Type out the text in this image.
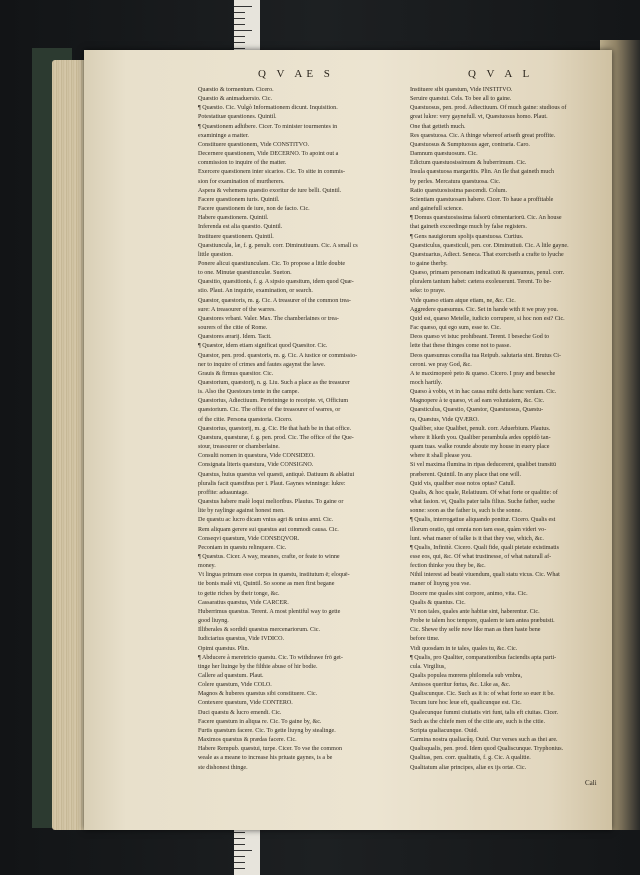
Q V AE S	Q V A L
Quæstio & tormentum. Cicero.
Quæstio & animaduersio. Cic.
¶ Quæstio. Cic. Vulgò Informationem dicunt. Inquisition.
Potestatiuæ quæstiones. Quintil.
¶ Quæstionem adhibere. Cicer. To minister tourmentes in
examininge a matter.
Constituere quæstionem, Vide CONSTITVO.
Decernere quæstionem, Vide DECERNO. To apoint out a
commission to inquire of the matter.
Exercere quæstionem inter sicarios. Cic. To sitte in commis-
sion for examination of murtherers.
Aspera & vehemens quæstio exoritur de iure belli. Quintil.
Facere quæstionem iuris. Quintil.
Facere quæstionem de iure, non de facto. Cic.
Habere quæstionem. Quintil.
Inferenda est alia quæstio. Quintil.
Instituere quæstionem. Quintil.
Quæstiuncula, læ, f. g. penult. corr. Diminutiuum. Cic. A small cs
little question.
Ponere alicui quæstiunculam. Cic. To propose a little doubte
to one. Minutæ quæstiunculæ. Sueton.
Quæsitio, quæsitionis, f. g. A sipsio quæsitum, idem quod Quæ-
stio. Plaut. An inquirie, examination, or search.
Quæstor, quæstoris, m. g. Cic. A treasurer of the common trea-
sure: A treasourer of the warres.
Quæstores vrbani. Valer. Max. The chamberlaines or trea-
sourers of the citie of Rome.
Quæstores ærarij. Idem. Tacit.
¶ Quæstor, idem etiam significat quod Quæsitor. Cic.
Quæstor, pen. prod. quæstoris, m. g. Cic. A iustice or commissio-
ner to inquire of crimes and fautes agaynst the lawe.
Grauis & firmus quæsitor. Cic.
Quæstorium, quæstorij, n. g. Liu. Such a place as the treasurer
is. Also the Questours tente in the campe.
Quæstorius, Adiectiuum. Perteininge to receipte. vt, Officium
quæstorium. Cic. The office of the treasourer of warres, or
of the citie. Persona quæstoria. Cicero.
Quæstorius, quæstorij, m. g. Cic. He that hath be in that office.
Quæstura, quæsturæ, f. g. pen. prod. Cic. The office of the Que-
stour, treasourer or chamberlaine.
Consulti nomen in quæstura, Vide CONSIDEO.
Consignata literis quæstura, Vide CONSIGNO.
Quæstus, huius quæstus vel quæsti, antiquè. Datiuum & ablatiui
pluralis facit quæstibus per i. Plaut. Gaynes winninge: lukre:
proffite: aduauntage.
Quæstus habere malè loqui melioribus. Plautus. To gaine or
lite by raylinge against honest men.
De quæstu ac lucro dicam vnius agri & unius anni. Cic.
Rem aliquam gerere sui quæstus aut commodi causa. Cic.
Conseqvi quæstum, Vide CONSEQVOR.
Peconiam in quæstu relinquere. Cic.
¶ Quæstus. Cicer. A way, meanes, crafte, or feate to winne
money.
Vt lingua primum esse corpus in quæstu, institutum ē; eloquē-
tie bonis malè vti, Quintil. So soone as men first begane
to gette riches by their tonge, &c.
Cassaratius quæstus, Vide CARCER.
Huberrimus quæstus. Terent. A most plentiful way to gette
good liuyng.
Illiberales & sordidi quæstus mercenariorum. Cic.
Iudiciarius quæstus, Vide IVDICO.
Opimi quæstus. Plin.
¶ Abducere à meretricio quæstu. Cic. To withdrawe frō get-
tinge her liuinge by the filthie abuse of hir bodie.
Callere ad quæstum. Plaut.
Colere quæstum, Vide COLO.
Magnos & huberes quæstus sibi constituere. Cic.
Contexere quæstum, Vide CONTERO.
Duci quæstu & lucro emendi. Cic.
Facere quæstum in aliqua re. Cic. To gaine by, &c.
Furtis quæstum facere. Cic. To gette liuyng by stealinge.
Maximos quæstus & prædas facere. Cic.
Habere Rempub. quæstui, turpe. Cicer. To vse the common
weale as a meane to increase his priuate gaynes, is a be
ste dishonest thinge.
Instituere sibi quæstum, Vide INSTITVO.
Seruire quæstui. Cels. To bee all to gaine.
Quæstuosus, pen. prod. Adiectiuum. Of much gaine: studious of
great lukre: very gaynefull. vt, Quæstuosus homo. Plaut.
One that getteth much.
Res quæstuosa. Cic. A thinge whereof ariseth great proffite.
Quæstuosus & Sumptuosus ager, contraria. Caro.
Damnum quæstuosum. Cic.
Edictum quæstuosissimum & huberrimum. Cic.
Insula quæstuosa margaritis. Plin. An Ile that gaineth much
by perles. Mercatura quæstuosa. Cic.
Ratio quæstuosissima pascendi. Colum.
Scientiam quæstuosam habere. Cicer. To haue a proffitable
and gainefull science.
¶ Domus quæstuosissima falsorū cōmentariorū. Cic. An house
that gaineth exceedinge much by false registers.
¶ Gens nauigiorum spolijs quæstuosa. Curtius.
Quæsticulus, quæsticuli, pen. cor. Diminutiuū. Cic. A litle gayne.
Quæstuarius, Adiect. Seneca. That exerciseth a crafte to lyuche
to gaine therby.
Quæso, primam personam indicatiuū & quæsumus, penul. corr.
pluralem tantum habet: cætera exoleuerunt. Terent. To be-
seke: to praye.
Vide quæso etiam atque etiam, ne, &c. Cic.
Aggredere quæsumus. Cic. Set in hande with it we pray you.
Quid est, quæso Metelle, iudicio corrupere, si hoc non est? Cic.
Fac quæso, qui ego sum, esse te. Cic.
Deos quæso vt istuc prohibeant. Terent. I beseche God to
lette that these thinges come not to passe.
Deos quæsumus consilia tua Reipub. salutaria sint. Brutus Ci-
ceroni. we pray God, &c.
A te maximoperè peto & quæso. Cicero. I pray and beseche
moch hartily.
Quæso à vobis, vt in hac causa mihi detis hanc veniam. Cic.
Magnopere à te quæso, vt ad eam voluntatem, &c. Cic.
Quæsticulus, Quæstio, Quæstor, Quæstuosus, Quæstu-
ra, Quæstus, Vide QVÆRO.
Qualiber, siue Qualibet, penult. corr. Aduerbium. Plautus.
where it liketh you. Qualiber perambula ædes oppidò tan-
quam tuas. walke rounde aboute my house in euery place
where it shall please you.
Si vel maxima flumina in ripas deducerent, qualibet transitū
præberent. Quintil. In any place that one will.
Quid vis, qualiber esse notos optas? Catull.
Qualis, & hoc quale, Relatiuum. Of what forte or qualitie: of
what fasion. vt, Qualis pater talis filius. Suche father, suche
sonne: soon as the father is, such is the sonne.
¶ Qualis, interrogatiue aliquando ponitur. Cicero. Qualis est
illorum oratio, qui omnia non tam esse, quàm videri vo-
lunt. what maner of talke is it that they vse, which, &c.
¶ Qualis, Infinitè. Cicero. Quali fide, quali pietate existimatis
esse eos, qui, &c. Of what trustinesse, of what naturall af-
fection thinke you they be, &c.
Nihil interest ad beatè viuendum, quali statu vicus. Cic. What
maner of liuyng you vse.
Docere me quales sint corpore, animo, vita. Cic.
Qualis & quantus. Cic.
Vt non tales, quales ante habitæ sint, haberentur. Cic.
Probe te talem hoc tempore, qualem te iam antea præbuisti.
Cic. Shewe thy selfe now like man as then haste bene
before time.
Vidi quosdam in te tales, quales tu, &c. Cic.
¶ Qualis, pro Qualiter, comparationibus faciendis apta parti-
cula. Virgilius,
Qualis populea mœrens philomela sub vmbra,
Amissos queritur fœtus, &c. Like as, &c.
Qualiscunque. Cic. Such as it is: of what forte so euer it be.
Tecum iure hoc leue eft, qualicunque est. Cic.
Qualecunque fummi ciuitatis viri funt, talis eft ciuitas. Cicer.
Such as the chiefe men of the citie are, such is the citie.
Scripta qualiacunque. Ouid.
Carmina nostra qualiacûq. Ouid. Our verses such as thei are.
Qualisqualis, pen. prod. Idem quod Qualiscunque. Tryphonius.
Qualitas, pen. corr. qualitatis, f. g. Cic. A qualitie.
Qualitatum aliæ principes, aliæ ex ijs ortæ. Cic.
Cali
